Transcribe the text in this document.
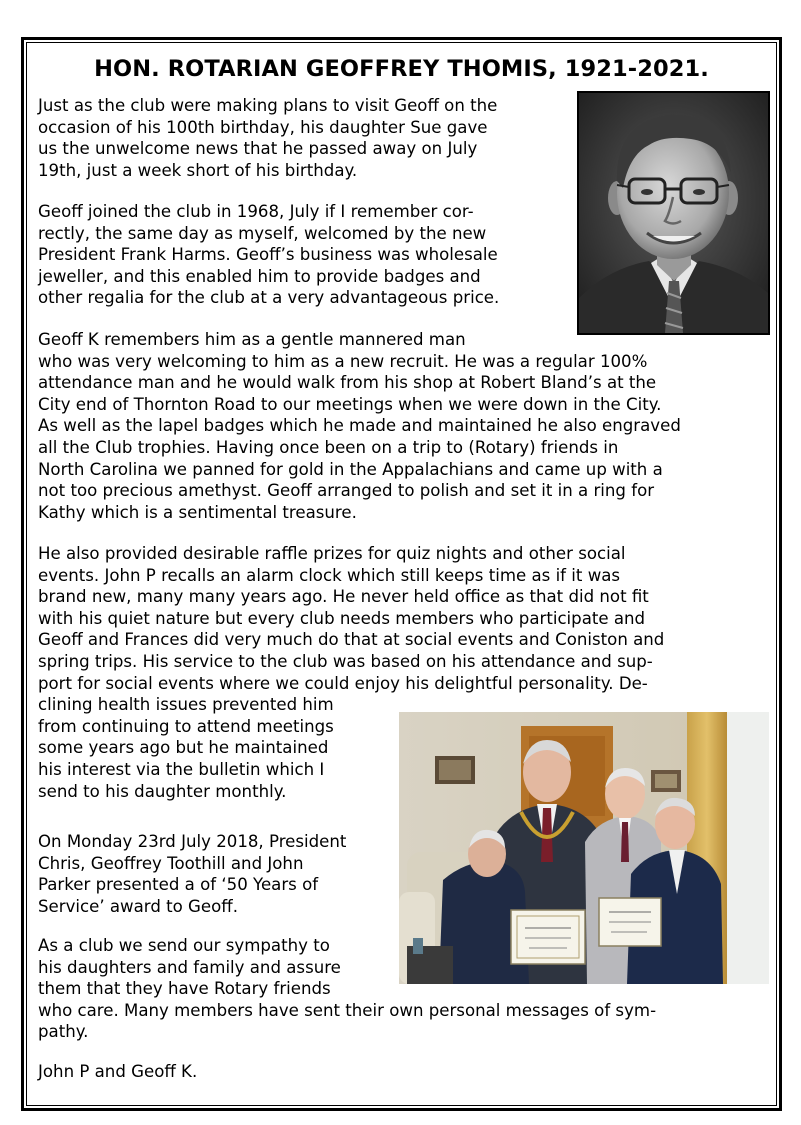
HON. ROTARIAN GEOFFREY THOMIS, 1921-2021.
Just as the club were making plans to visit Geoff on the
occasion of his 100th birthday, his daughter Sue gave
us the unwelcome news that he passed away on July
19th, just a week short of his birthday.
Geoff joined the club in 1968, July if I remember cor-
rectly, the same day as myself, welcomed by the new
President Frank Harms. Geoff’s business was wholesale
jeweller, and this enabled him to provide badges and
other regalia for the club at a very advantageous price.
Geoff K remembers him as a gentle mannered man
who was very welcoming to him as a new recruit. He was a regular 100%
attendance man and he would walk from his shop at Robert Bland’s at the
City end of Thornton Road to our meetings when we were down in the City.
As well as the lapel badges which he made and maintained he also engraved
all the Club trophies. Having once been on a trip to (Rotary) friends in
North Carolina we panned for gold in the Appalachians and came up with a
not too precious amethyst. Geoff arranged to polish and set it in a ring for
Kathy which is a sentimental treasure.
He also provided desirable raffle prizes for quiz nights and other social
events. John P recalls an alarm clock which still keeps time as if it was
brand new, many many years ago. He never held office as that did not fit
with his quiet nature but every club needs members who participate and
Geoff and Frances did very much do that at social events and Coniston and
spring trips. His service to the club was based on his attendance and sup-
port for social events where we could enjoy his delightful personality. De-
clining health issues prevented him
from continuing to attend meetings
some years ago but he maintained
his interest via the bulletin which I
send to his daughter monthly.
On Monday 23rd July 2018, President
Chris, Geoffrey Toothill and John
Parker presented a of ‘50 Years of
Service’ award to Geoff.
As a club we send our sympathy to
his daughters and family and assure
them that they have Rotary friends
who care. Many members have sent their own personal messages of sym-
pathy.
John P and Geoff K.
